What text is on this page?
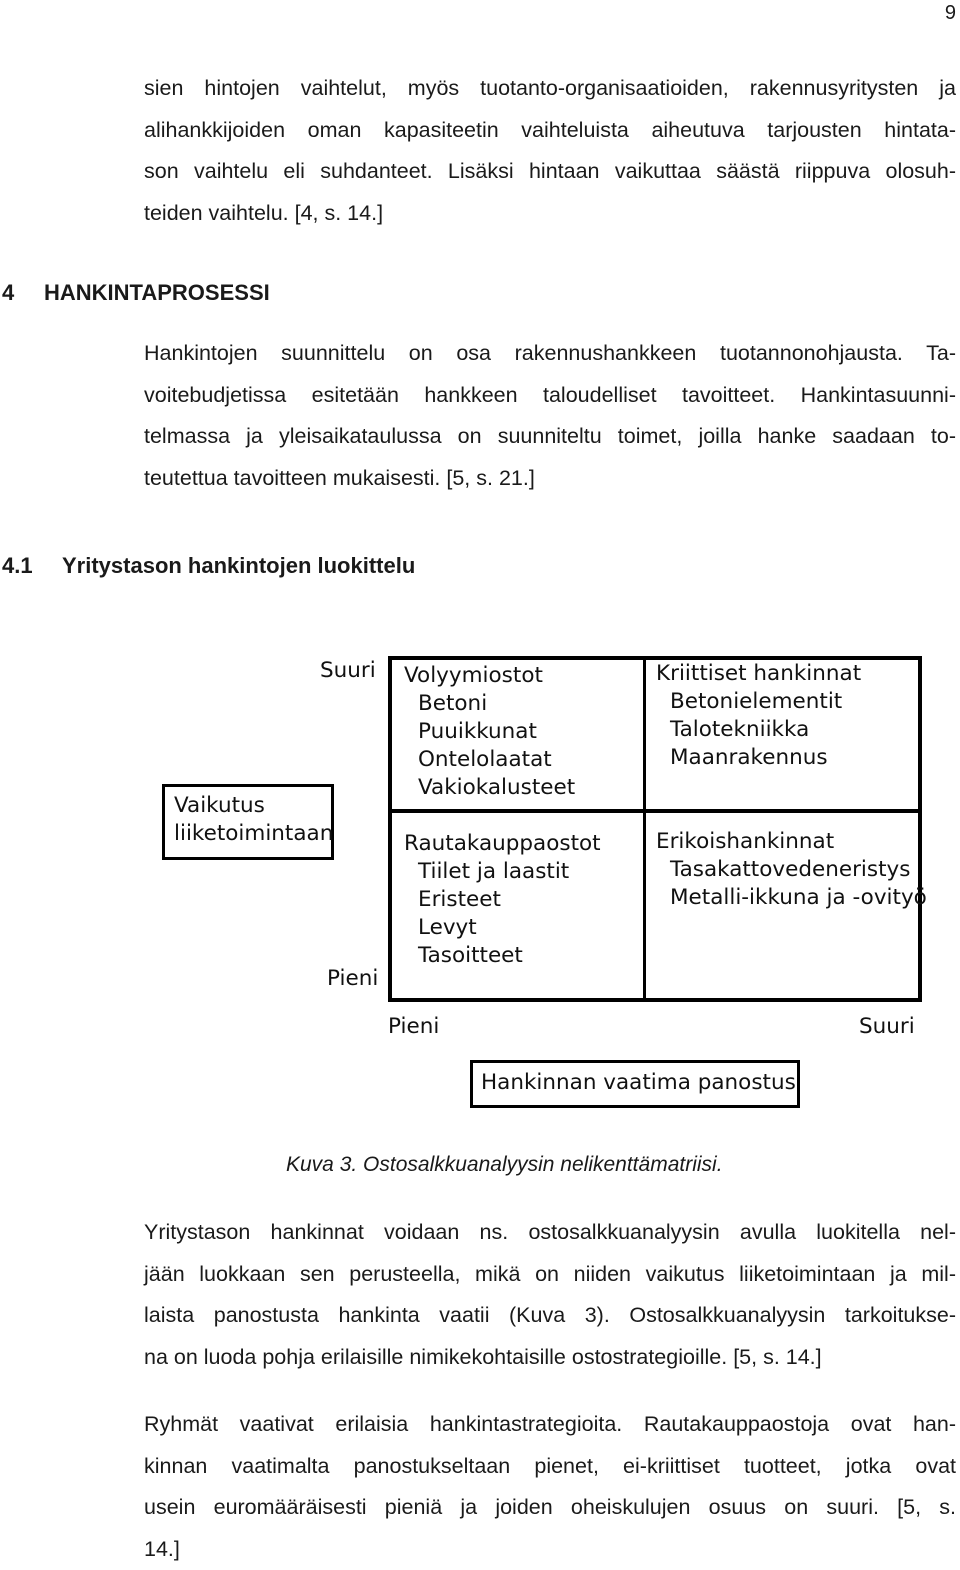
9
sien hintojen vaihtelut, myös tuotanto-organisaatioiden, rakennusyritysten ja
alihankkijoiden oman kapasiteetin vaihteluista aiheutuva tarjousten hintata-
son vaihtelu eli suhdanteet. Lisäksi hintaan vaikuttaa säästä riippuva olosuh-
teiden vaihtelu. [4, s. 14.]
4 HANKINTAPROSESSI
Hankintojen suunnittelu on osa rakennushankkeen tuotannonohjausta. Ta-
voitebudjetissa esitetään hankkeen taloudelliset tavoitteet. Hankintasuunni-
telmassa ja yleisaikataulussa on suunniteltu toimet, joilla hanke saadaan to-
teutettua tavoitteen mukaisesti. [5, s. 21.]
4.1 Yritystason hankintojen luokittelu
Suuri
Pieni
Vaikutus
liiketoimintaan
Volyymiostot
Betoni
Puuikkunat
Ontelolaatat
Vakiokalusteet
Kriittiset hankinnat
Betonielementit
Talotekniikka
Maanrakennus
Rautakauppaostot
Tiilet ja laastit
Eristeet
Levyt
Tasoitteet
Erikoishankinnat
Tasakattovedeneristys
Metalli-ikkuna ja -ovityö
Pieni	Suuri
Hankinnan vaatima panostus
Kuva 3. Ostosalkkuanalyysin nelikenttämatriisi.
Yritystason hankinnat voidaan ns. ostosalkkuanalyysin avulla luokitella nel-
jään luokkaan sen perusteella, mikä on niiden vaikutus liiketoimintaan ja mil-
laista panostusta hankinta vaatii (Kuva 3). Ostosalkkuanalyysin tarkoitukse-
na on luoda pohja erilaisille nimikekohtaisille ostostrategioille. [5, s. 14.]
Ryhmät vaativat erilaisia hankintastrategioita. Rautakauppaostoja ovat han-
kinnan vaatimalta panostukseltaan pienet, ei-kriittiset tuotteet, jotka ovat
usein euromääräisesti pieniä ja joiden oheiskulujen osuus on suuri. [5, s.
14.]
